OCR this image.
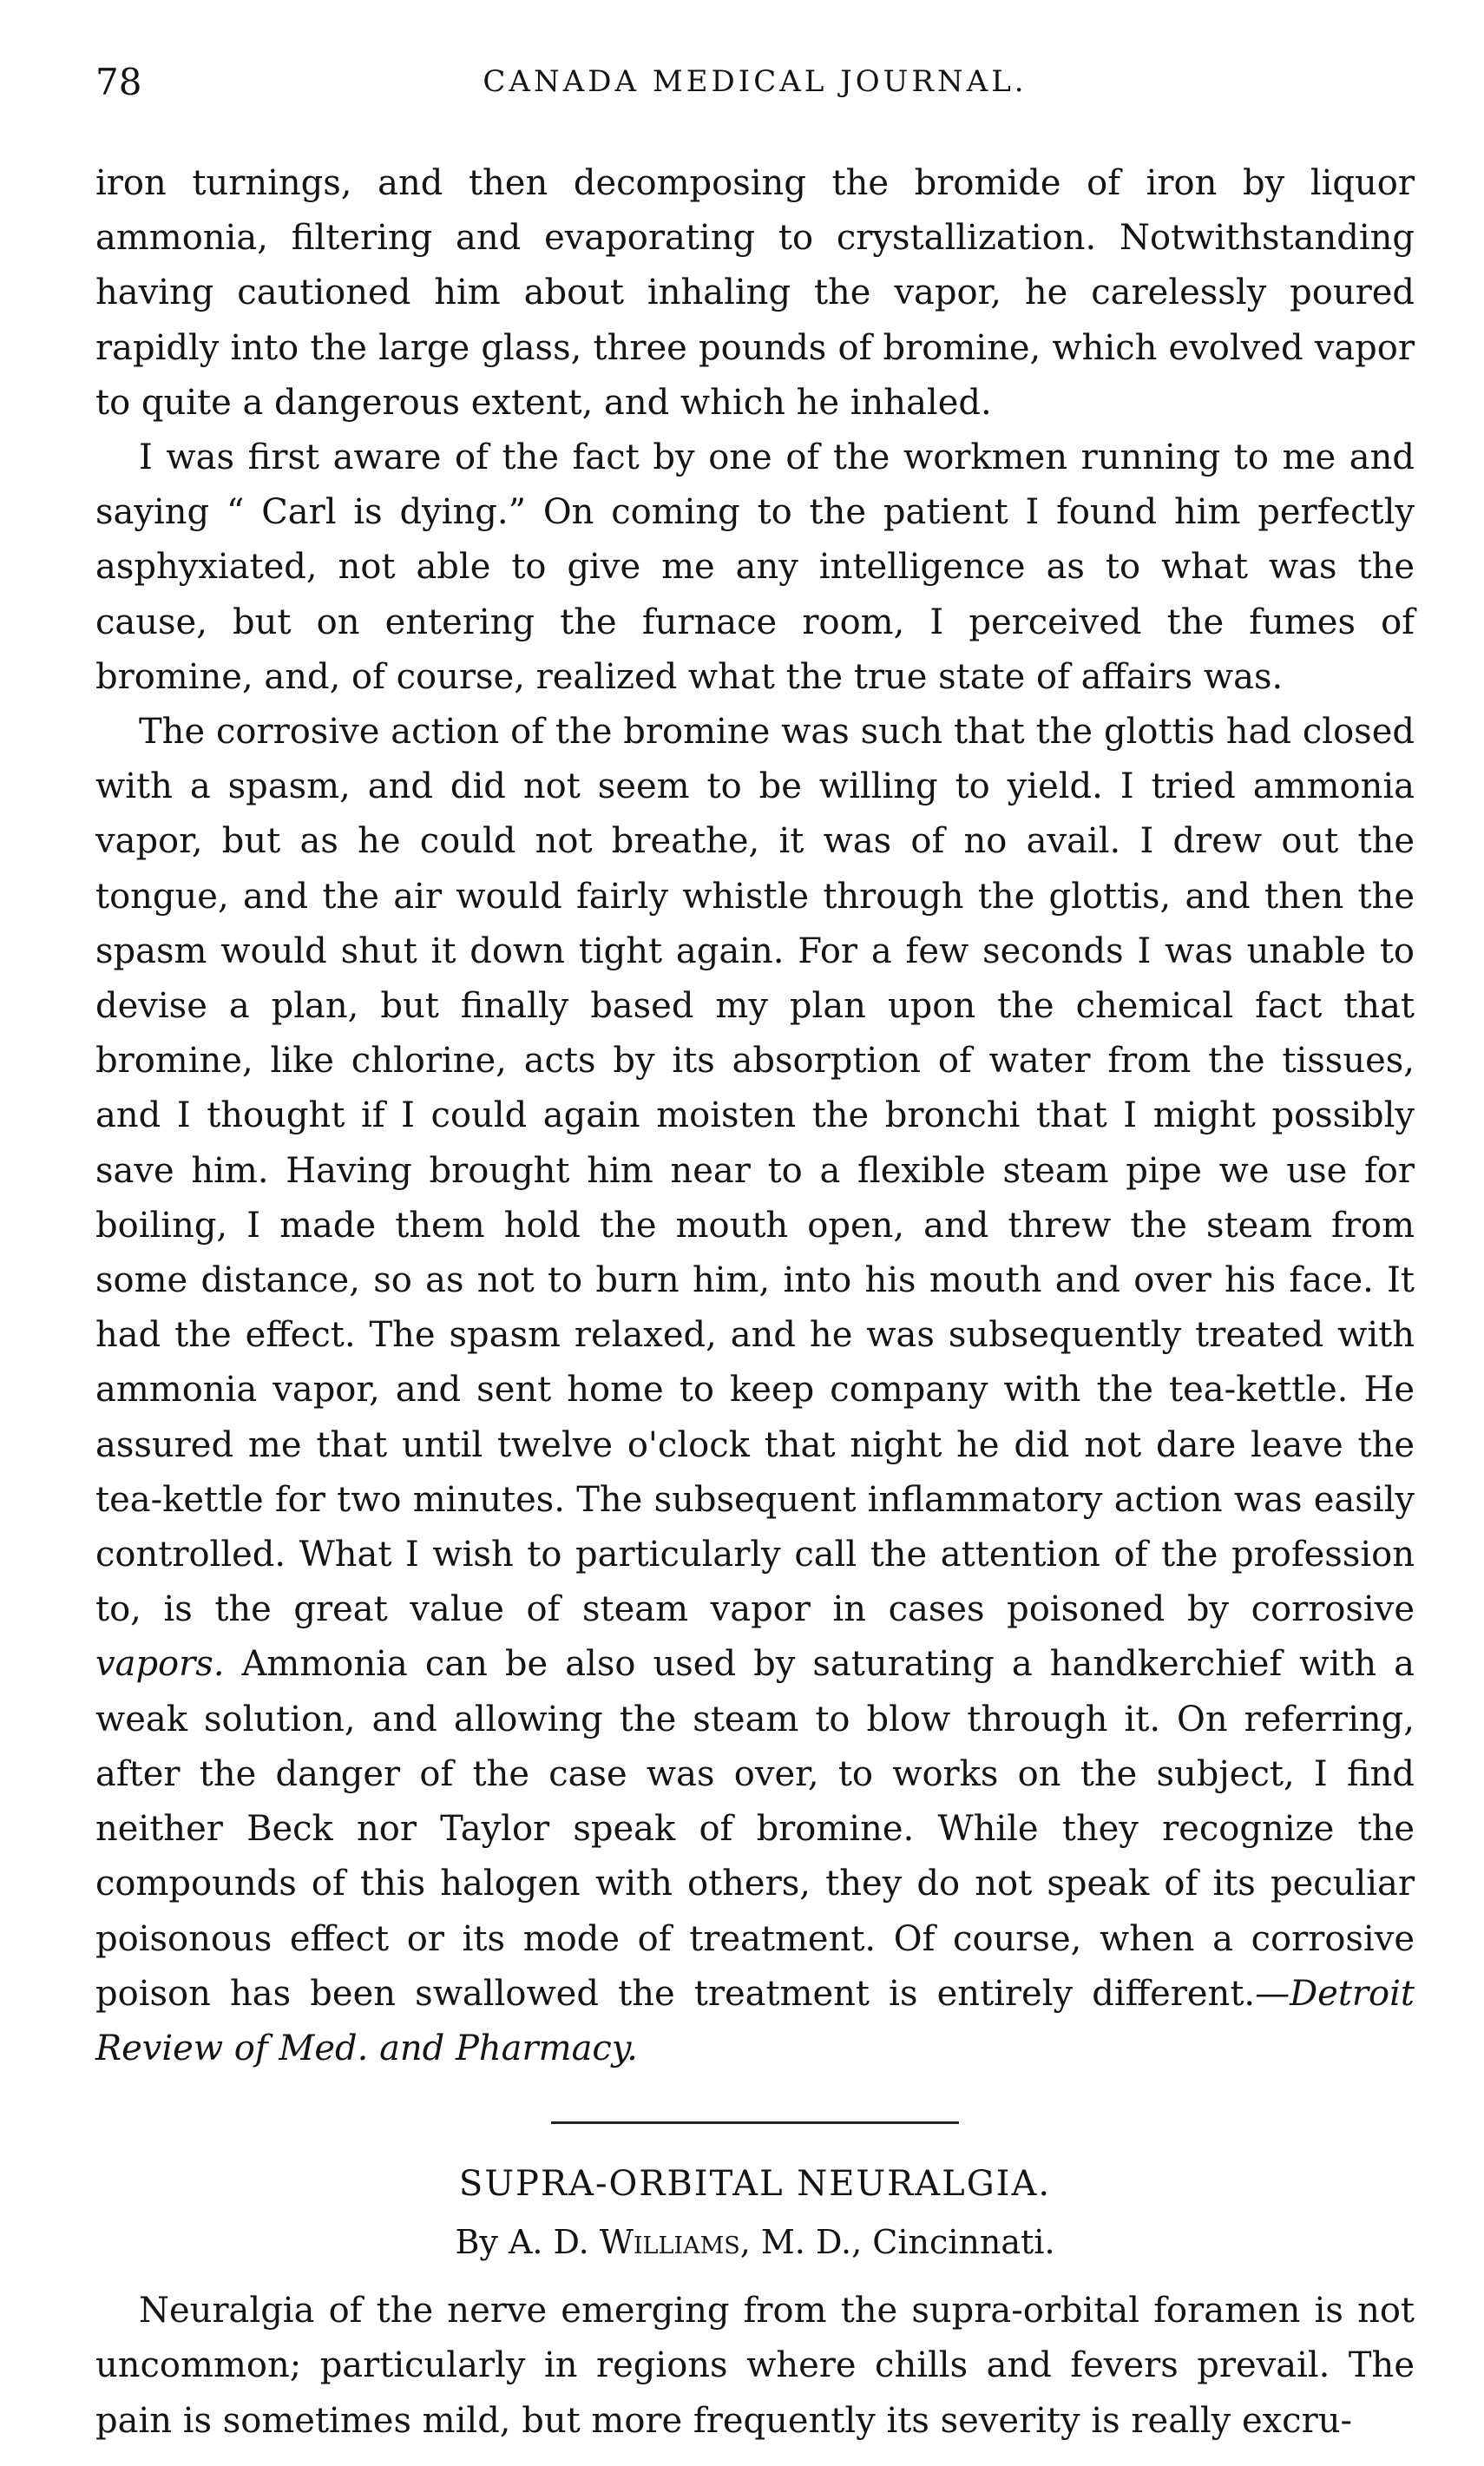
78	CANADA MEDICAL JOURNAL.

iron turnings, and then decomposing the bromide of iron by liquor ammonia, filtering and evaporating to crystallization. Notwithstanding having cautioned him about inhaling the vapor, he carelessly poured rapidly into the large glass, three pounds of bromine, which evolved vapor to quite a dangerous extent, and which he inhaled.

I was first aware of the fact by one of the workmen running to me and saying “ Carl is dying.” On coming to the patient I found him perfectly asphyxiated, not able to give me any intelligence as to what was the cause, but on entering the furnace room, I perceived the fumes of bromine, and, of course, realized what the true state of affairs was.

The corrosive action of the bromine was such that the glottis had closed with a spasm, and did not seem to be willing to yield. I tried ammonia vapor, but as he could not breathe, it was of no avail. I drew out the tongue, and the air would fairly whistle through the glottis, and then the spasm would shut it down tight again. For a few seconds I was unable to devise a plan, but finally based my plan upon the chemical fact that bromine, like chlorine, acts by its absorption of water from the tissues, and I thought if I could again moisten the bronchi that I might possibly save him. Having brought him near to a flexible steam pipe we use for boiling, I made them hold the mouth open, and threw the steam from some distance, so as not to burn him, into his mouth and over his face. It had the effect. The spasm relaxed, and he was subsequently treated with ammonia vapor, and sent home to keep company with the tea-kettle. He assured me that until twelve o'clock that night he did not dare leave the tea-kettle for two minutes. The subsequent inflammatory action was easily controlled. What I wish to particularly call the attention of the profession to, is the great value of steam vapor in cases poisoned by corrosive vapors. Ammonia can be also used by saturating a handkerchief with a weak solution, and allowing the steam to blow through it. On referring, after the danger of the case was over, to works on the subject, I find neither Beck nor Taylor speak of bromine. While they recognize the compounds of this halogen with others, they do not speak of its peculiar poisonous effect or its mode of treatment. Of course, when a corrosive poison has been swallowed the treatment is entirely different.—Detroit Review of Med. and Pharmacy.

SUPRA-ORBITAL NEURALGIA.
By A. D. Williams, M. D., Cincinnati.

Neuralgia of the nerve emerging from the supra-orbital foramen is not uncommon; particularly in regions where chills and fevers prevail. The pain is sometimes mild, but more frequently its severity is really excru-
